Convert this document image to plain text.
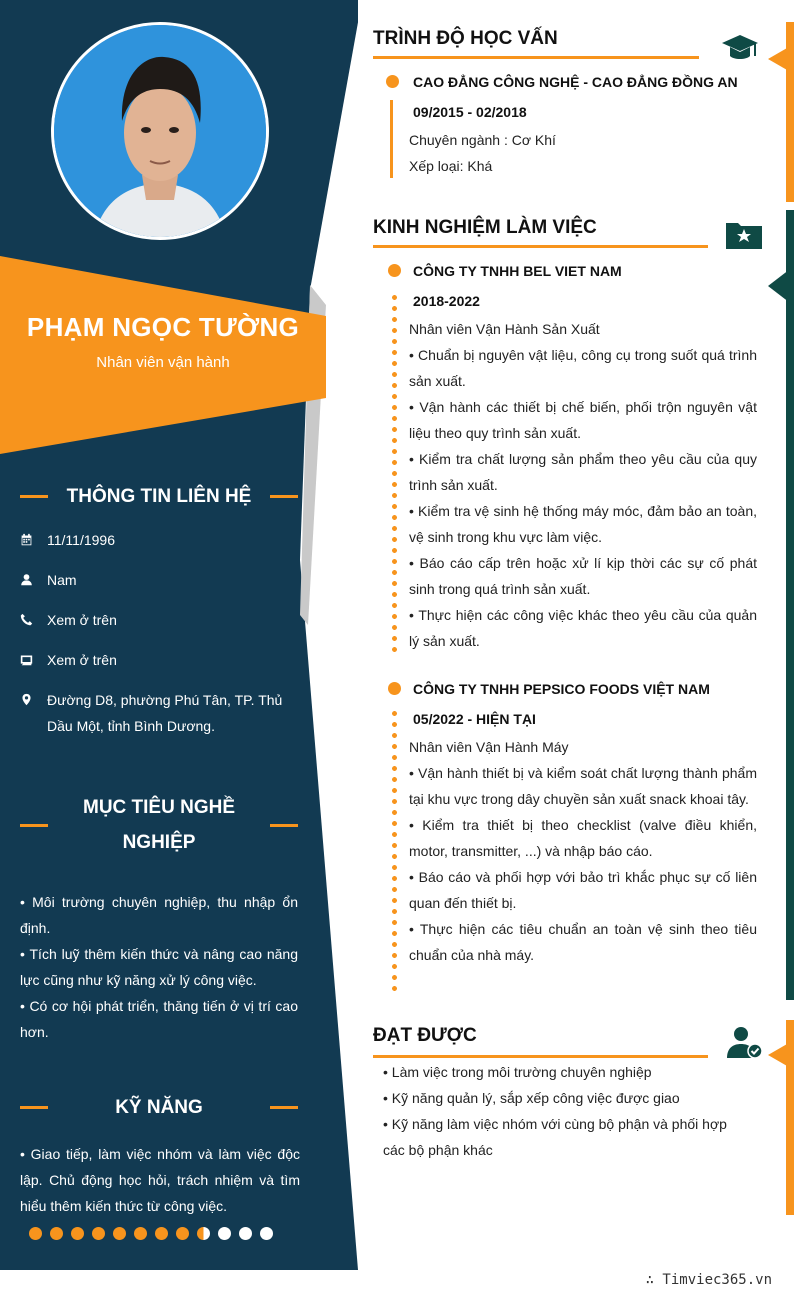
PHẠM NGỌC TƯỜNG
Nhân viên vận hành
THÔNG TIN LIÊN HỆ
11/11/1996
Nam
Xem ở trên
Xem ở trên
Đường D8, phường Phú Tân, TP. Thủ Dầu Một, tỉnh Bình Dương.
MỤC TIÊU NGHỀ
NGHIỆP
• Môi trường chuyên nghiệp, thu nhập ổn định.
• Tích luỹ thêm kiến thức và nâng cao năng lực cũng như kỹ năng xử lý công việc.
• Có cơ hội phát triển, thăng tiến ở vị trí cao hơn.
KỸ NĂNG
• Giao tiếp, làm việc nhóm và làm việc độc lập. Chủ động học hỏi, trách nhiệm và tìm hiểu thêm kiến thức từ công việc.
TRÌNH ĐỘ HỌC VẤN
CAO ĐẲNG CÔNG NGHỆ - CAO ĐẲNG ĐỒNG AN
09/2015 - 02/2018
Chuyên ngành : Cơ Khí
Xếp loại: Khá
KINH NGHIỆM LÀM VIỆC
CÔNG TY TNHH BEL VIET NAM
2018-2022
Nhân viên Vận Hành Sản Xuất
• Chuẩn bị nguyên vật liệu, công cụ trong suốt quá trình sản xuất.
• Vận hành các thiết bị chế biến, phối trộn nguyên vật liệu theo quy trình sản xuất.
• Kiểm tra chất lượng sản phẩm theo yêu cầu của quy trình sản xuất.
• Kiểm tra vệ sinh hệ thống máy móc, đảm bảo an toàn, vệ sinh trong khu vực làm việc.
• Báo cáo cấp trên hoặc xử lí kịp thời các sự cố phát sinh trong quá trình sản xuất.
• Thực hiện các công việc khác theo yêu cầu của quản lý sản xuất.
CÔNG TY TNHH PEPSICO FOODS VIỆT NAM
05/2022 - HIỆN TẠI
Nhân viên Vận Hành Máy
• Vận hành thiết bị và kiểm soát chất lượng thành phẩm tại khu vực trong dây chuyền sản xuất snack khoai tây.
• Kiểm tra thiết bị theo checklist (valve điều khiển, motor, transmitter, ...) và nhập báo cáo.
• Báo cáo và phối hợp với bảo trì khắc phục sự cố liên quan đến thiết bị.
• Thực hiện các tiêu chuẩn an toàn vệ sinh theo tiêu chuẩn của nhà máy.
ĐẠT ĐƯỢC
• Làm việc trong môi trường chuyên nghiệp
• Kỹ năng quản lý, sắp xếp công việc được giao
• Kỹ năng làm việc nhóm với cùng bộ phận và phối hợp các bộ phận khác
∴ Timviec365.vn
